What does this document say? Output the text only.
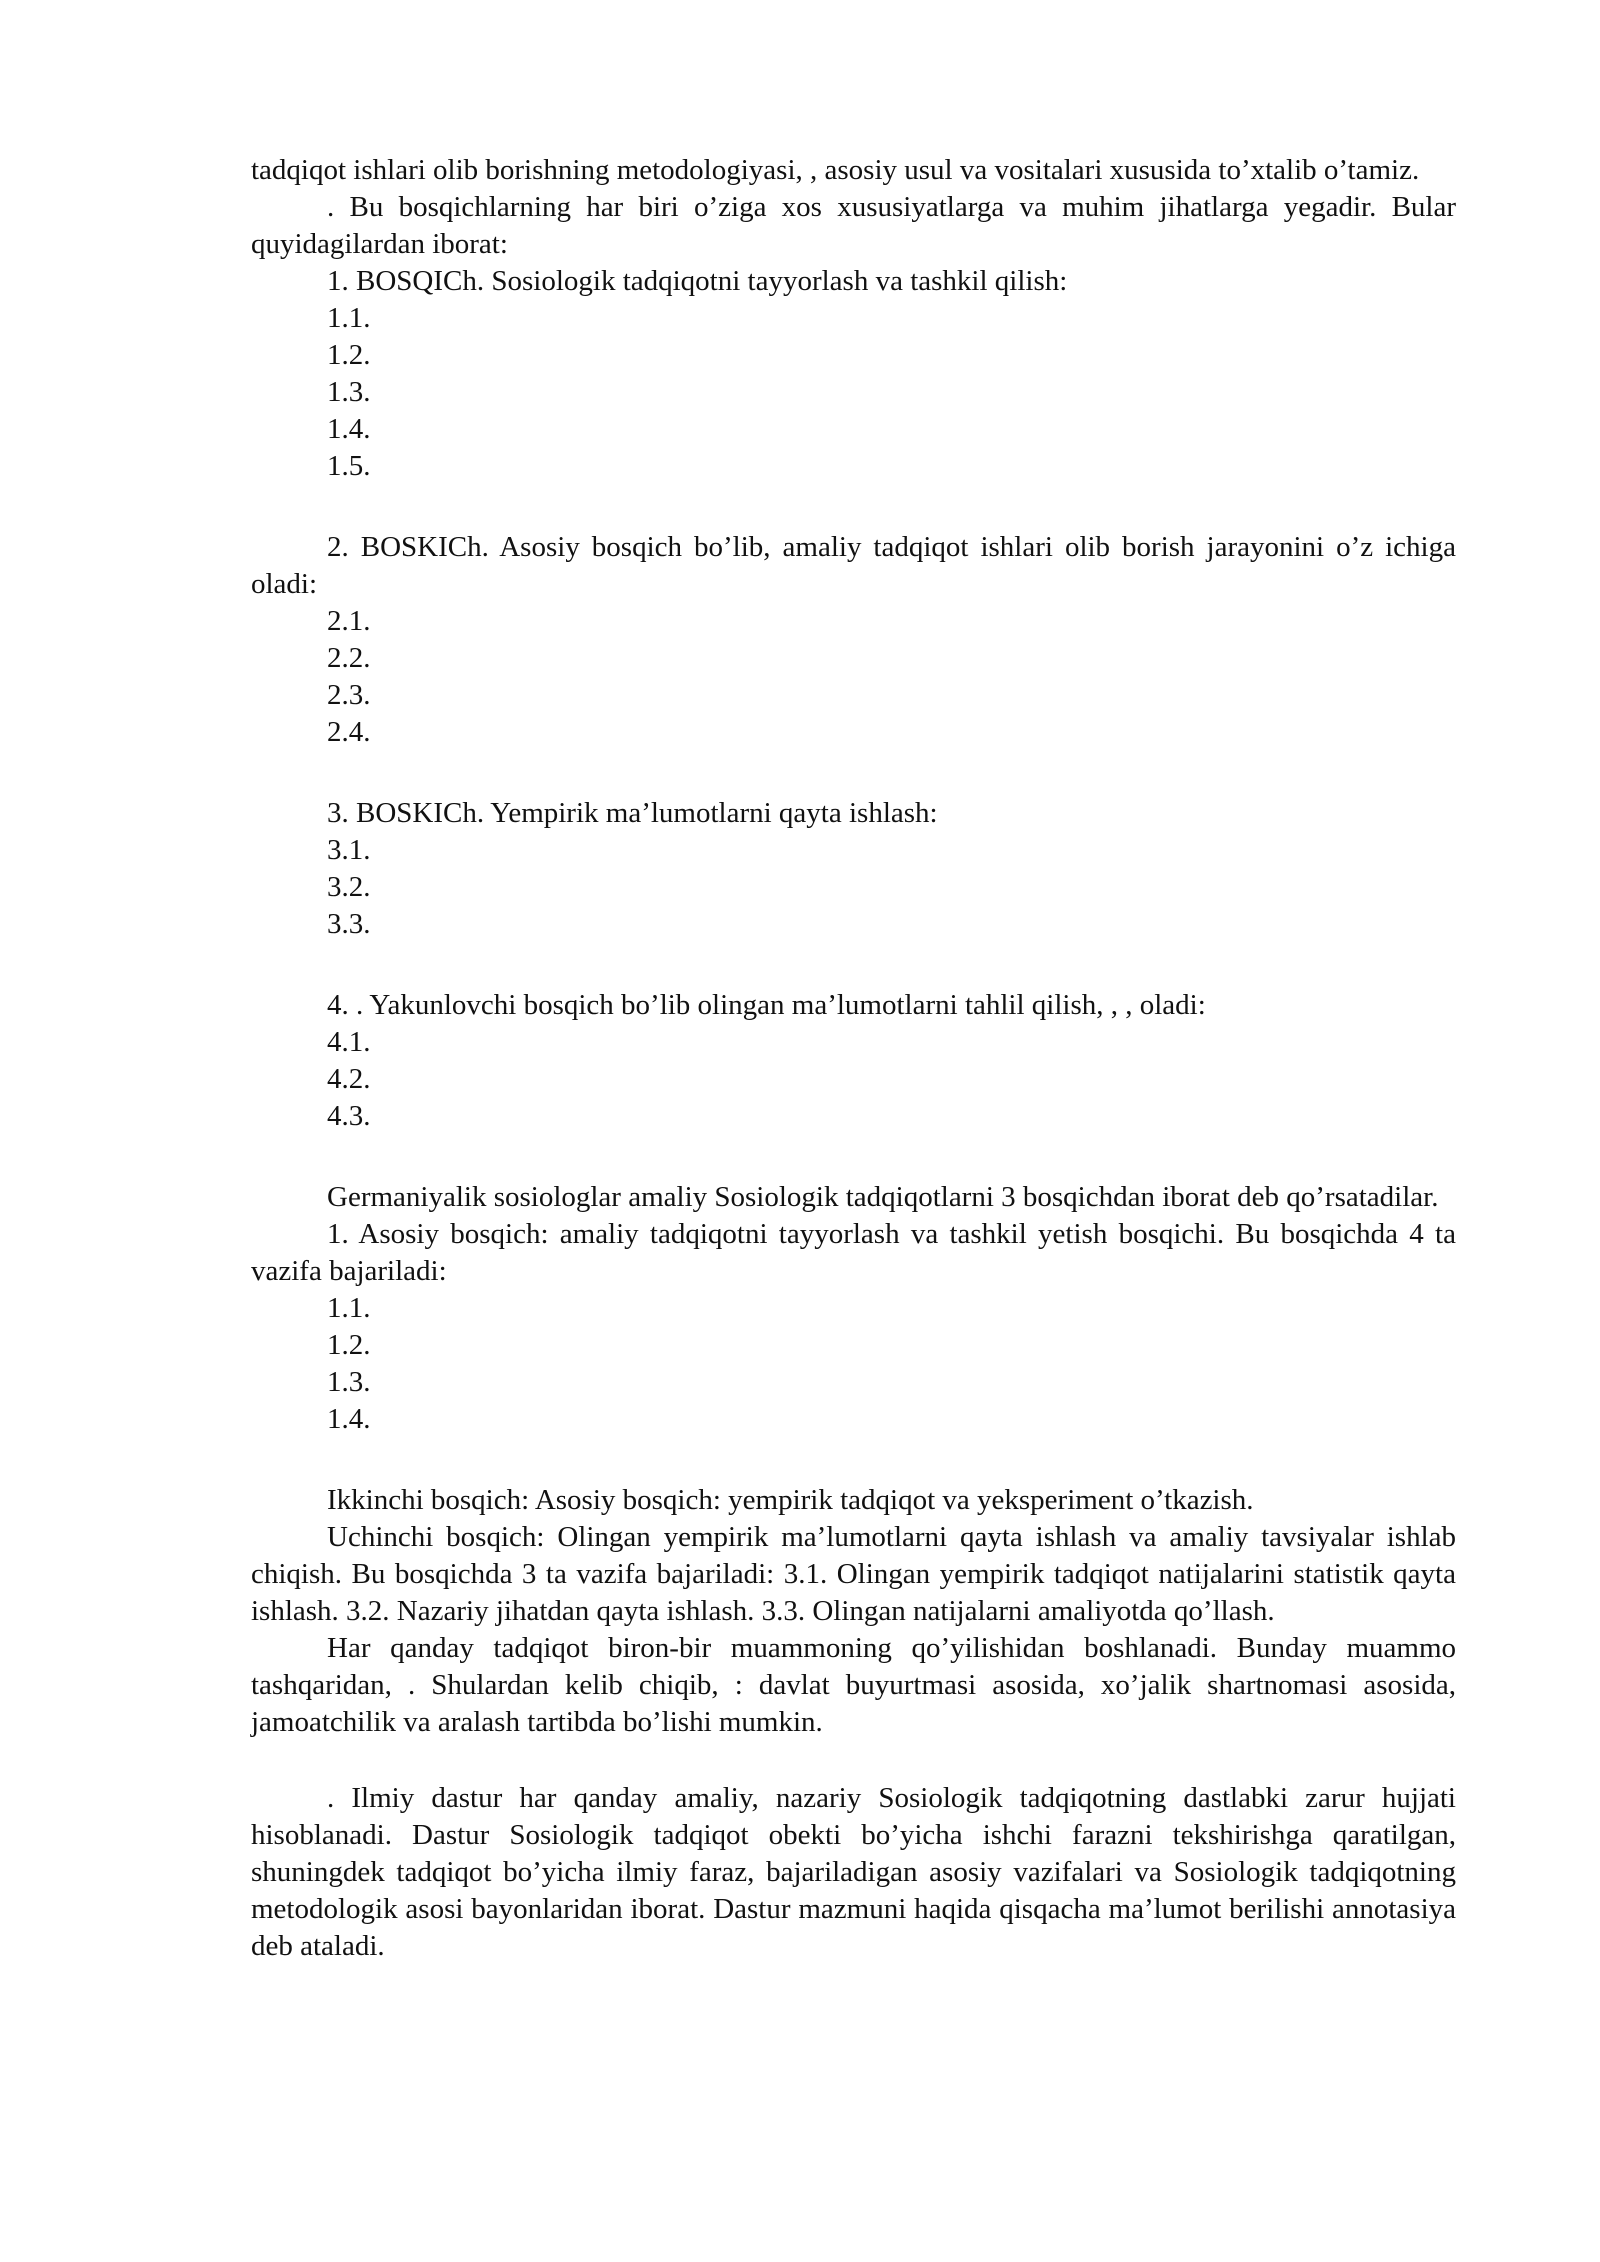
tadqiqot ishlari olib borishning metodologiyasi, , asosiy usul va vositalari xususida to’xtalib o’tamiz.

. Bu bosqichlarning har biri o’ziga xos xususiyatlarga va muhim jihatlarga yegadir. Bular quyidagilardan iborat:

1. BOSQICh. Sosiologik tadqiqotni tayyorlash va tashkil qilish:

1.1.

1.2.

1.3.

1.4.

1.5.

2. BOSKICh. Asosiy bosqich bo’lib, amaliy tadqiqot ishlari olib borish jarayonini o’z ichiga oladi:

2.1.

2.2.

2.3.

2.4.

3. BOSKICh. Yempirik ma’lumotlarni qayta ishlash:

3.1.

3.2.

3.3.

4. . Yakunlovchi bosqich bo’lib olingan ma’lumotlarni tahlil qilish, , , oladi:

4.1.

4.2.

4.3.

Germaniyalik sosiologlar amaliy Sosiologik tadqiqotlarni 3 bosqichdan iborat deb qo’rsatadilar.

1. Asosiy bosqich: amaliy tadqiqotni tayyorlash va tashkil yetish bosqichi. Bu bosqichda 4 ta vazifa bajariladi:

1.1.

1.2.

1.3.

1.4.

Ikkinchi bosqich: Asosiy bosqich: yempirik tadqiqot va yeksperiment o’tkazish.

Uchinchi bosqich: Olingan yempirik ma’lumotlarni qayta ishlash va amaliy tavsiyalar ishlab chiqish. Bu bosqichda 3 ta vazifa bajariladi: 3.1. Olingan yempirik tadqiqot natijalarini statistik qayta ishlash. 3.2. Nazariy jihatdan qayta ishlash. 3.3. Olingan natijalarni amaliyotda qo’llash.

Har qanday tadqiqot biron-bir muammoning qo’yilishidan boshlanadi. Bunday muammo tashqaridan, . Shulardan kelib chiqib, : davlat buyurtmasi asosida, xo’jalik shartnomasi asosida, jamoatchilik va aralash tartibda bo’lishi mumkin.

. Ilmiy dastur har qanday amaliy, nazariy Sosiologik tadqiqotning dastlabki zarur hujjati hisoblanadi. Dastur Sosiologik tadqiqot obekti bo’yicha ishchi farazni tekshirishga qaratilgan, shuningdek tadqiqot bo’yicha ilmiy faraz, bajariladigan asosiy vazifalari va Sosiologik tadqiqotning metodologik asosi bayonlaridan iborat. Dastur mazmuni haqida qisqacha ma’lumot berilishi annotasiya deb ataladi.
